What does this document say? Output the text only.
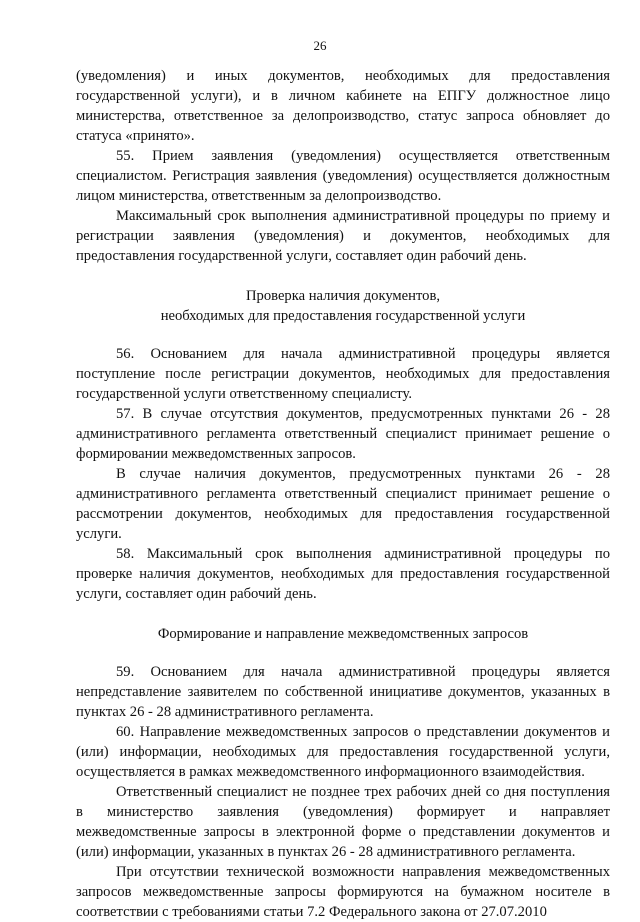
26

(уведомления) и иных документов, необходимых для предоставления государственной услуги), и в личном кабинете на ЕПГУ должностное лицо министерства, ответственное за делопроизводство, статус запроса обновляет до статуса «принято».

55. Прием заявления (уведомления) осуществляется ответственным специалистом. Регистрация заявления (уведомления) осуществляется должностным лицом министерства, ответственным за делопроизводство.

Максимальный срок выполнения административной процедуры по приему и регистрации заявления (уведомления) и документов, необходимых для предоставления государственной услуги, составляет один рабочий день.

Проверка наличия документов,
необходимых для предоставления государственной услуги

56. Основанием для начала административной процедуры является поступление после регистрации документов, необходимых для предоставления государственной услуги ответственному специалисту.

57. В случае отсутствия документов, предусмотренных пунктами 26 - 28 административного регламента ответственный специалист принимает решение о формировании межведомственных запросов.

В случае наличия документов, предусмотренных пунктами 26 - 28 административного регламента ответственный специалист принимает решение о рассмотрении документов, необходимых для предоставления государственной услуги.

58. Максимальный срок выполнения административной процедуры по проверке наличия документов, необходимых для предоставления государственной услуги, составляет один рабочий день.

Формирование и направление межведомственных запросов

59. Основанием для начала административной процедуры является непредставление заявителем по собственной инициативе документов, указанных в пунктах 26 - 28 административного регламента.

60. Направление межведомственных запросов о представлении документов и (или) информации, необходимых для предоставления государственной услуги, осуществляется в рамках межведомственного информационного взаимодействия.

Ответственный специалист не позднее трех рабочих дней со дня поступления в министерство заявления (уведомления) формирует и направляет межведомственные запросы в электронной форме о представлении документов и (или) информации, указанных в пунктах 26 - 28 административного регламента.

При отсутствии технической возможности направления межведомственных запросов межведомственные запросы формируются на бумажном носителе в соответствии с требованиями статьи 7.2 Федерального закона от 27.07.2010
